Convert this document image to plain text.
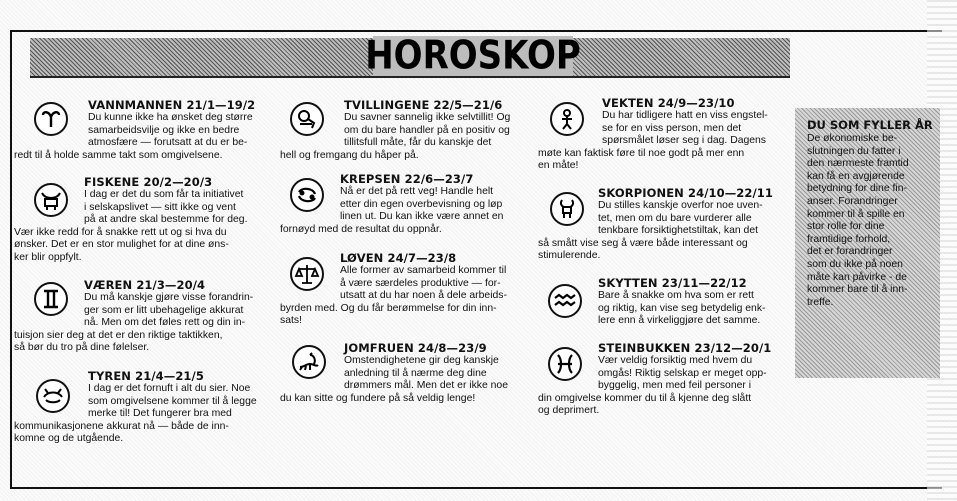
HOROSKOP
VANNMANNEN 21/1—19/2
Du kunne ikke ha ønsket deg større
samarbeidsvilje og ikke en bedre
atmosfære — forutsatt at du er be-
redt til å holde samme takt som omgivelsene.
FISKENE 20/2—20/3
I dag er det du som får ta initiativet
i selskapslivet — sitt ikke og vent
på at andre skal bestemme for deg.
Vær ikke redd for å snakke rett ut og si hva du
ønsker. Det er en stor mulighet for at dine øns-
ker blir oppfylt.
VÆREN 21/3—20/4
Du må kanskje gjøre visse forandrin-
ger som er litt ubehagelige akkurat
nå. Men om det føles rett og din in-
tuisjon sier deg at det er den riktige taktikken,
så bør du tro på dine følelser.
TYREN 21/4—21/5
I dag er det fornuft i alt du sier. Noe
som omgivelsene kommer til å legge
merke til! Det fungerer bra med
kommunikasjonene akkurat nå — både de inn-
komne og de utgående.
TVILLINGENE 22/5—21/6
Du savner sannelig ikke selvtillit! Og
om du bare handler på en positiv og
tillitsfull måte, får du kanskje det
hell og fremgang du håper på.
KREPSEN 22/6—23/7
Nå er det på rett veg! Handle helt
etter din egen overbevisning og løp
linen ut. Du kan ikke være annet en
fornøyd med de resultat du oppnår.
LØVEN 24/7—23/8
Alle former av samarbeid kommer til
å være særdeles produktive — for-
utsatt at du har noen å dele arbeids-
byrden med. Og du får berømmelse for din inn-
sats!
JOMFRUEN 24/8—23/9
Omstendighetene gir deg kanskje
anledning til å nærme deg dine
drømmers mål. Men det er ikke noe
du kan sitte og fundere på så veldig lenge!
VEKTEN 24/9—23/10
Du har tidligere hatt en viss engstel-
se for en viss person, men det
spørsmålet løser seg i dag. Dagens
møte kan faktisk føre til noe godt på mer enn
en måte!
SKORPIONEN 24/10—22/11
Du stilles kanskje overfor noe uven-
tet, men om du bare vurderer alle
tenkbare forsiktighetstiltak, kan det
så smått vise seg å være både interessant og
stimulerende.
SKYTTEN 23/11—22/12
Bare å snakke om hva som er rett
og riktig, kan vise seg betydelig enk-
lere enn å virkeliggjøre det samme.
STEINBUKKEN 23/12—20/1
Vær veldig forsiktig med hvem du
omgås! Riktig selskap er meget opp-
byggelig, men med feil personer i
din omgivelse kommer du til å kjenne deg slått
og deprimert.
DU SOM FYLLER ÅR
De økonomiske be-
slutningen du fatter i
den nærmeste framtid
kan få en avgjørende
betydning for dine fin-
anser. Forandringer
kommer til å spille en
stor rolle for dine
framtidige forhold,
det er forandringer
som du ikke på noen
måte kan påvirke - de
kommer bare til å inn-
treffe.
